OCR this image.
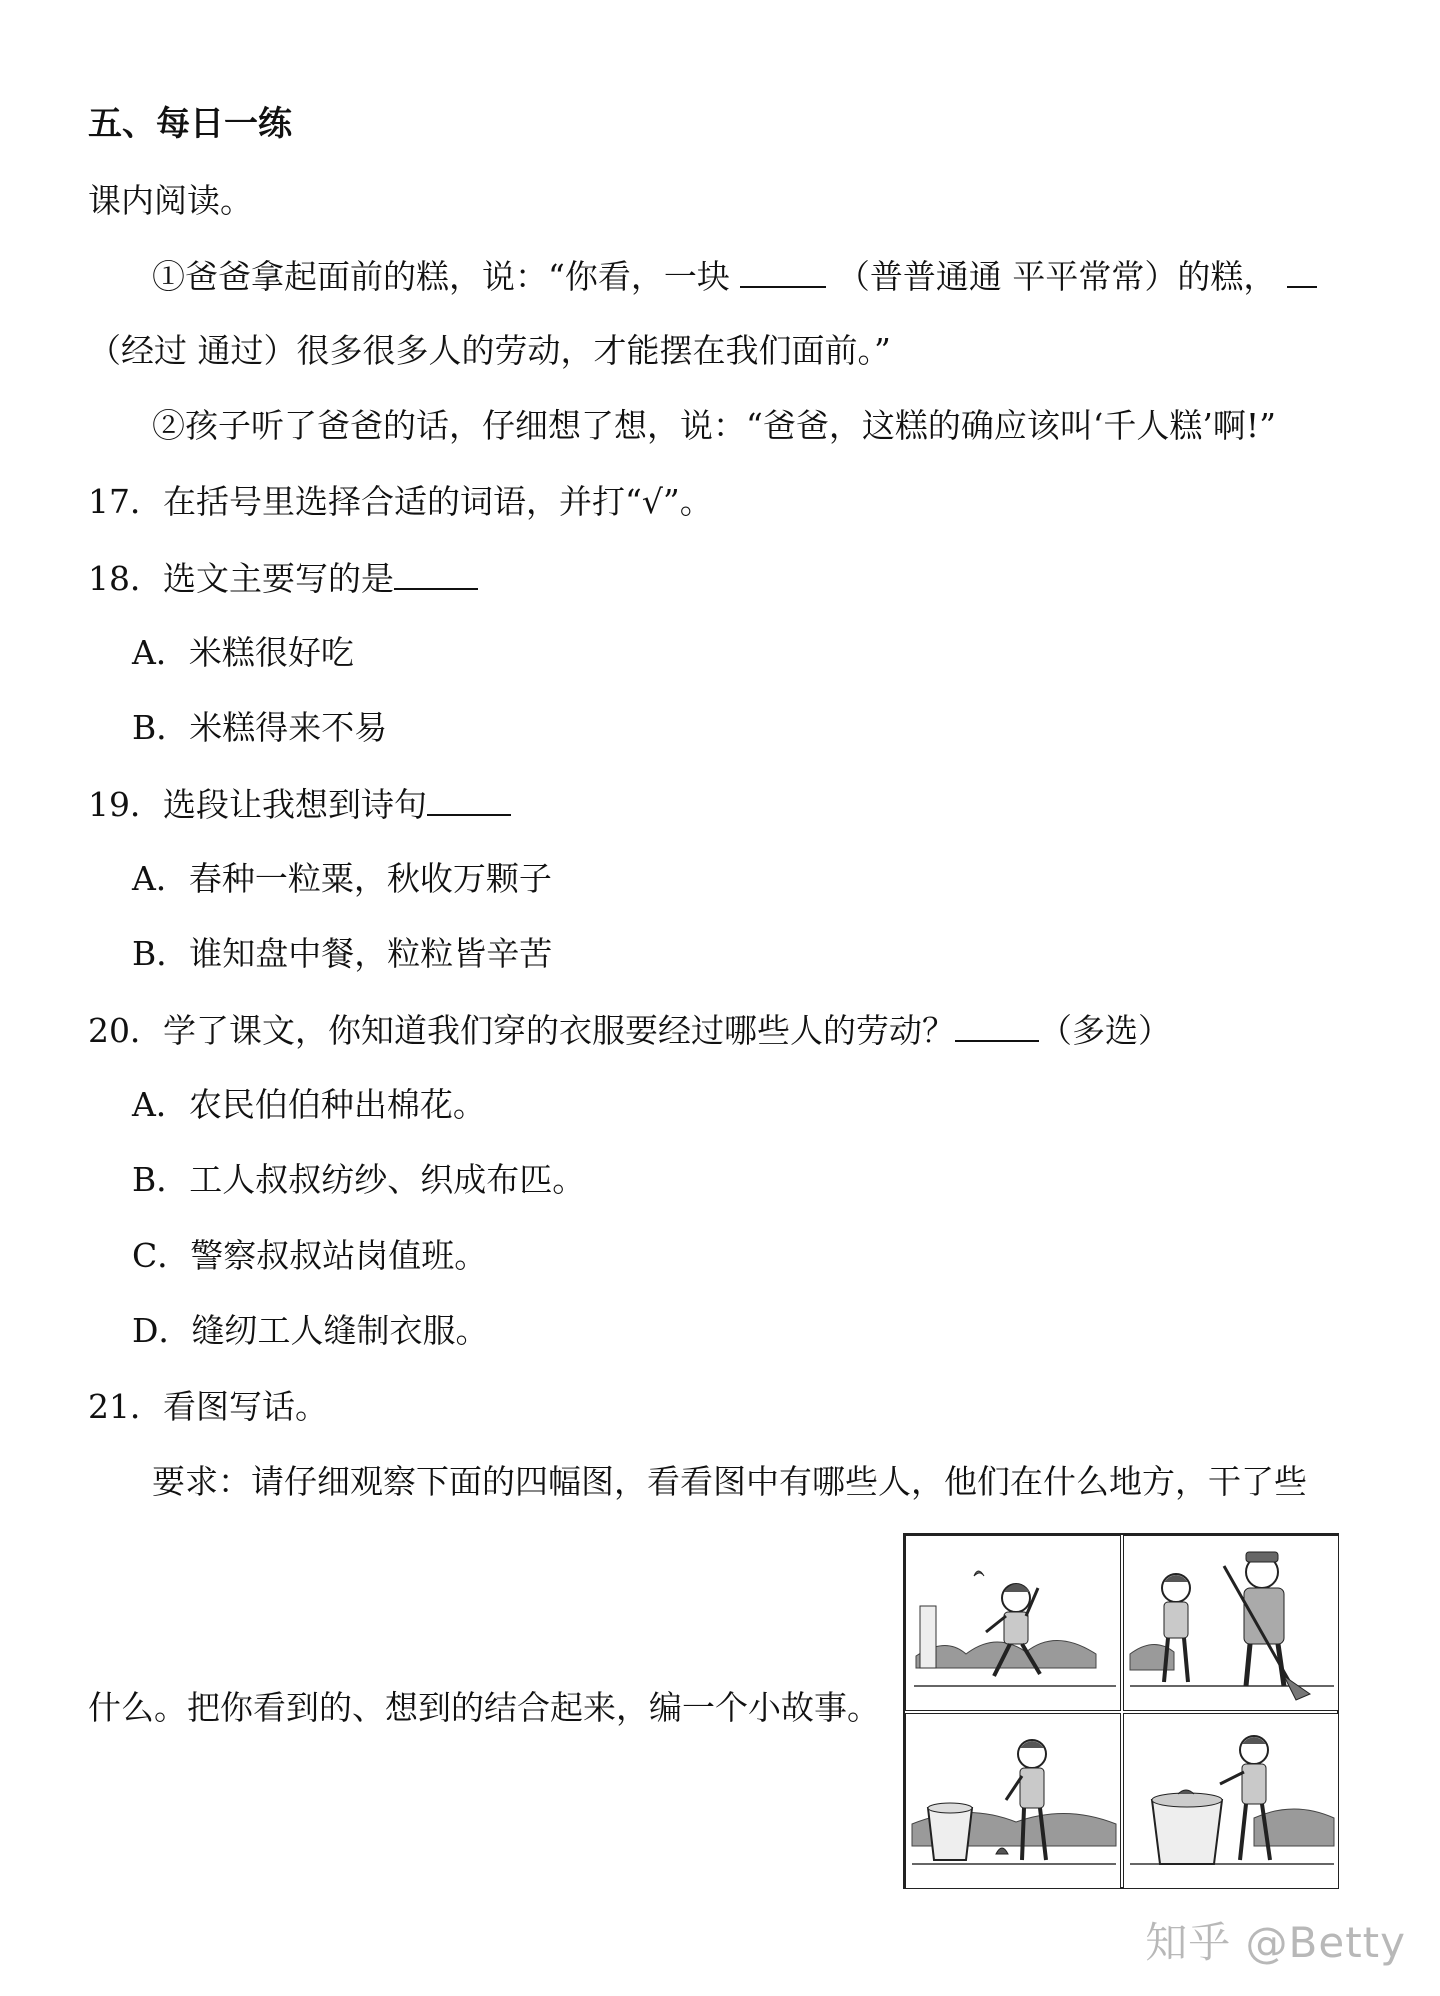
五、每日一练
课内阅读。
①爸爸拿起面前的糕，说：“你看，一块	（普普通通 平平常常）的糕，
（经过 通过）很多很多人的劳动，才能摆在我们面前。”
②孩子听了爸爸的话，仔细想了想，说：“爸爸，这糕的确应该叫‘千人糕’啊!”
17．在括号里选择合适的词语，并打“√”。
18．选文主要写的是
A．米糕很好吃
B．米糕得来不易
19．选段让我想到诗句
A．春种一粒粟，秋收万颗子
B．谁知盘中餐，粒粒皆辛苦
20．学了课文，你知道我们穿的衣服要经过哪些人的劳动？	（多选）
A．农民伯伯种出棉花。
B．工人叔叔纺纱、织成布匹。
C．警察叔叔站岗值班。
D．缝纫工人缝制衣服。
21．看图写话。
要求：请仔细观察下面的四幅图，看看图中有哪些人，他们在什么地方，干了些
什么。把你看到的、想到的结合起来，编一个小故事。
知乎 @Betty
